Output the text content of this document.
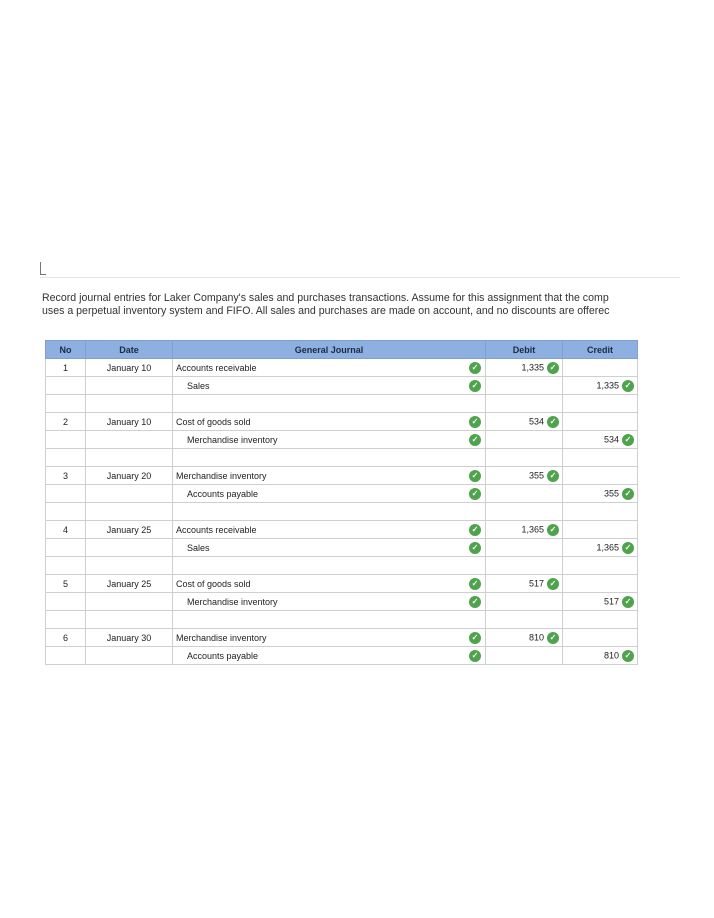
Record journal entries for Laker Company's sales and purchases transactions. Assume for this assignment that the comp
uses a perpetual inventory system and FIFO. All sales and purchases are made on account, and no discounts are offerec
No	Date	General Journal	Debit	Credit
1	January 10	Accounts receivable ✓	1,335 ✓	
		Sales ✓		1,335 ✓

2	January 10	Cost of goods sold ✓	534 ✓	
		Merchandise inventory ✓		534 ✓

3	January 20	Merchandise inventory ✓	355 ✓	
		Accounts payable ✓		355 ✓

4	January 25	Accounts receivable ✓	1,365 ✓	
		Sales ✓		1,365 ✓

5	January 25	Cost of goods sold ✓	517 ✓	
		Merchandise inventory ✓		517 ✓

6	January 30	Merchandise inventory ✓	810 ✓	
		Accounts payable ✓		810 ✓
